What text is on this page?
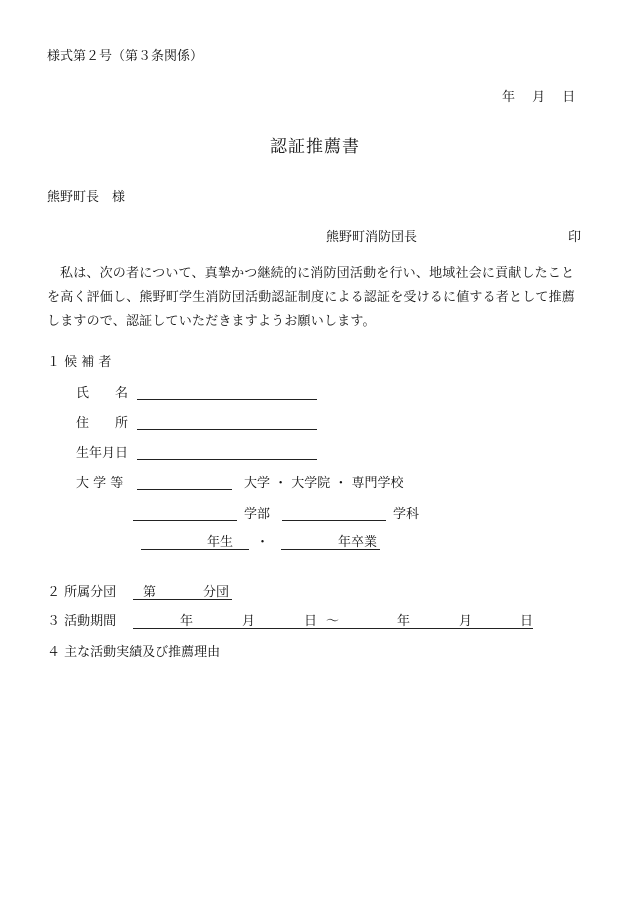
様式第２号（第３条関係）
年　 月　 日
認証推薦書
熊野町長　様
熊野町消防団長	印
私は、次の者について、真摯かつ継続的に消防団活動を行い、地域社会に貢献したこと
を高く評価し、熊野町学生消防団活動認証制度による認証を受けるに値する者として推薦
しますので、認証していただきますようお願いします。
１ 候 補 者
氏　　名
住　　所
生年月日
大 学 等	大学 ・ 大学院 ・ 専門学校
学部	学科
年生 ・	年卒業
２ 所属分団 第	分団
３ 活動期間	年	月	日 ～	年	月	日
４ 主な活動実績及び推薦理由
